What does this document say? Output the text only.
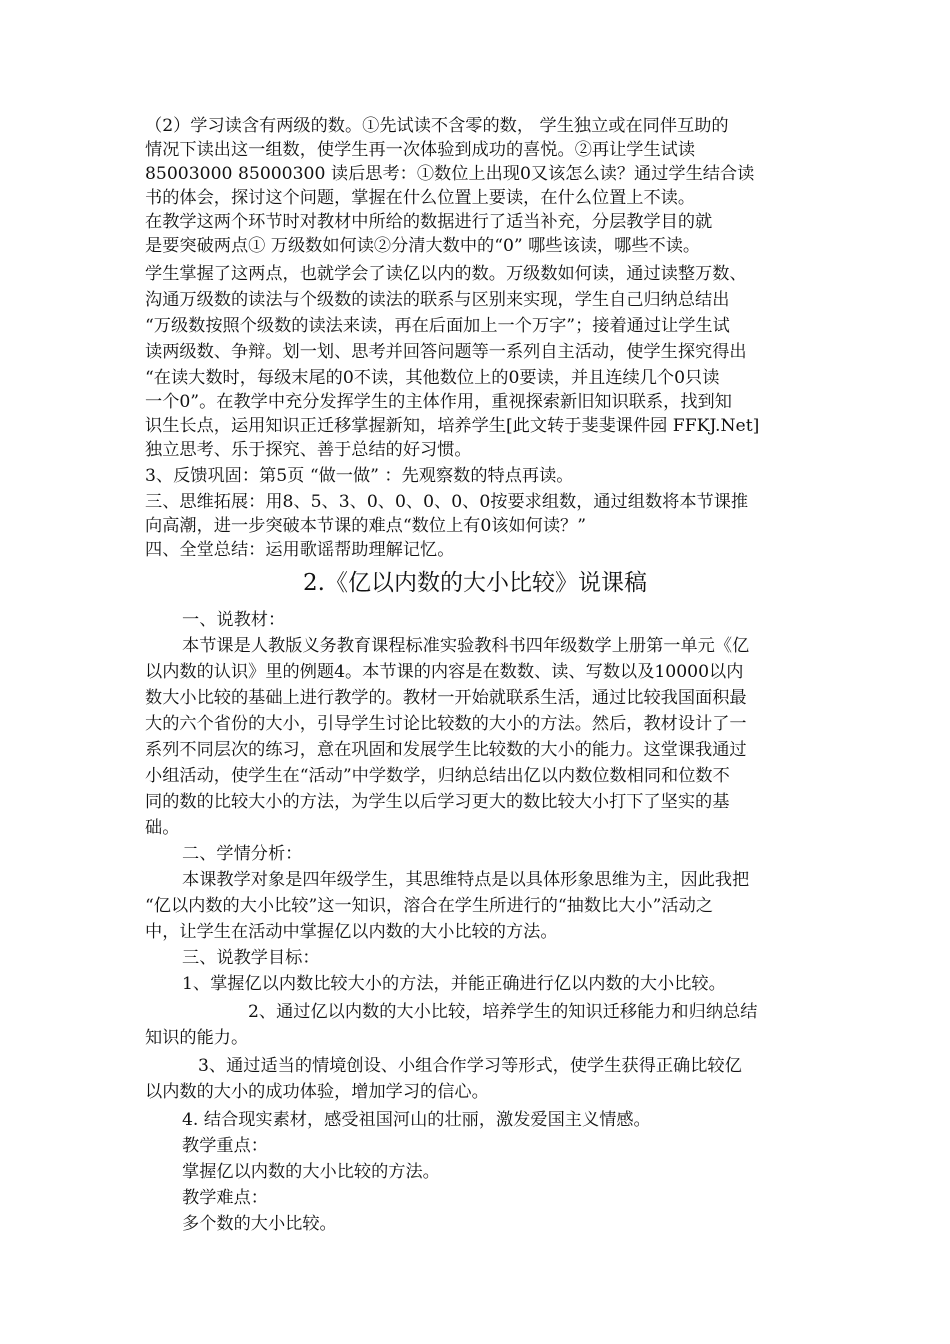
（2）学习读含有两级的数。①先试读不含零的数， 学生独立或在同伴互助的
情况下读出这一组数，使学生再一次体验到成功的喜悦。②再让学生试读
85003000 85000300 读后思考：①数位上出现0又该怎么读？通过学生结合读
书的体会，探讨这个问题，掌握在什么位置上要读，在什么位置上不读。
在教学这两个环节时对教材中所给的数据进行了适当补充，分层教学目的就
是要突破两点① 万级数如何读②分清大数中的“0” 哪些该读，哪些不读。
学生掌握了这两点，也就学会了读亿以内的数。万级数如何读，通过读整万数、
沟通万级数的读法与个级数的读法的联系与区别来实现，学生自己归纳总结出
“万级数按照个级数的读法来读，再在后面加上一个万字”；接着通过让学生试
读两级数、争辩。划一划、思考并回答问题等一系列自主活动，使学生探究得出
“在读大数时，每级末尾的0不读，其他数位上的0要读，并且连续几个0只读
一个0”。在教学中充分发挥学生的主体作用，重视探索新旧知识联系，找到知
识生长点，运用知识正迁移掌握新知，培养学生[此文转于斐斐课件园 FFKJ.Net]
独立思考、乐于探究、善于总结的好习惯。
3、反馈巩固：第5页 “做一做” ：先观察数的特点再读。
三、思维拓展：用8、5、3、0、0、0、0、0按要求组数，通过组数将本节课推
向高潮，进一步突破本节课的难点“数位上有0该如何读？”
四、全堂总结：运用歌谣帮助理解记忆。
2.《亿以内数的大小比较》说课稿
一、说教材：
本节课是人教版义务教育课程标准实验教科书四年级数学上册第一单元《亿
以内数的认识》里的例题4。本节课的内容是在数数、读、写数以及10000以内
数大小比较的基础上进行教学的。教材一开始就联系生活，通过比较我国面积最
大的六个省份的大小，引导学生讨论比较数的大小的方法。然后，教材设计了一
系列不同层次的练习，意在巩固和发展学生比较数的大小的能力。这堂课我通过
小组活动，使学生在“活动”中学数学，归纳总结出亿以内数位数相同和位数不
同的数的比较大小的方法，为学生以后学习更大的数比较大小打下了坚实的基
础。
二、学情分析：
本课教学对象是四年级学生，其思维特点是以具体形象思维为主，因此我把
“亿以内数的大小比较”这一知识，溶合在学生所进行的“抽数比大小”活动之
中，让学生在活动中掌握亿以内数的大小比较的方法。
三、说教学目标：
1、掌握亿以内数比较大小的方法，并能正确进行亿以内数的大小比较。
2、通过亿以内数的大小比较，培养学生的知识迁移能力和归纳总结
知识的能力。
3、通过适当的情境创设、小组合作学习等形式，使学生获得正确比较亿
以内数的大小的成功体验，增加学习的信心。
4. 结合现实素材，感受祖国河山的壮丽，激发爱国主义情感。
教学重点：
掌握亿以内数的大小比较的方法。
教学难点：
多个数的大小比较。
